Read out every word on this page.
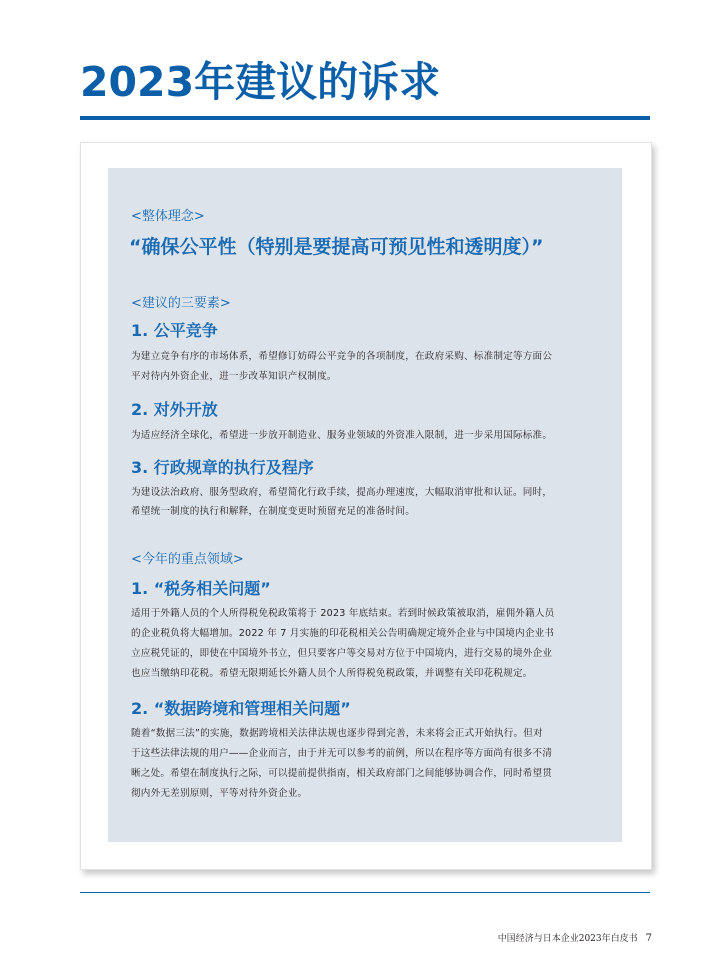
2023年建议的诉求

<整体理念>

“确保公平性（特别是要提高可预见性和透明度）”

<建议的三要素>

1. 公平竞争

为建立竞争有序的市场体系，希望修订妨碍公平竞争的各项制度，在政府采购、标准制定等方面公

平对待内外资企业，进一步改革知识产权制度。

2. 对外开放

为适应经济全球化，希望进一步放开制造业、服务业领域的外资准入限制，进一步采用国际标准。

3. 行政规章的执行及程序

为建设法治政府、服务型政府，希望简化行政手续，提高办理速度，大幅取消审批和认证。同时，

希望统一制度的执行和解释，在制度变更时预留充足的准备时间。

<今年的重点领域>

1. “税务相关问题”

适用于外籍人员的个人所得税免税政策将于 2023 年底结束。若到时候政策被取消，雇佣外籍人员

的企业税负将大幅增加。2022 年 7 月实施的印花税相关公告明确规定境外企业与中国境内企业书

立应税凭证的，即使在中国境外书立，但只要客户等交易对方位于中国境内，进行交易的境外企业

也应当缴纳印花税。希望无限期延长外籍人员个人所得税免税政策，并调整有关印花税规定。

2. “数据跨境和管理相关问题”

随着“数据三法”的实施，数据跨境相关法律法规也逐步得到完善，未来将会正式开始执行。但对

于这些法律法规的用户——企业而言，由于并无可以参考的前例，所以在程序等方面尚有很多不清

晰之处。希望在制度执行之际，可以提前提供指南，相关政府部门之间能够协调合作，同时希望贯

彻内外无差别原则，平等对待外资企业。

中国经济与日本企业2023年白皮书 7
